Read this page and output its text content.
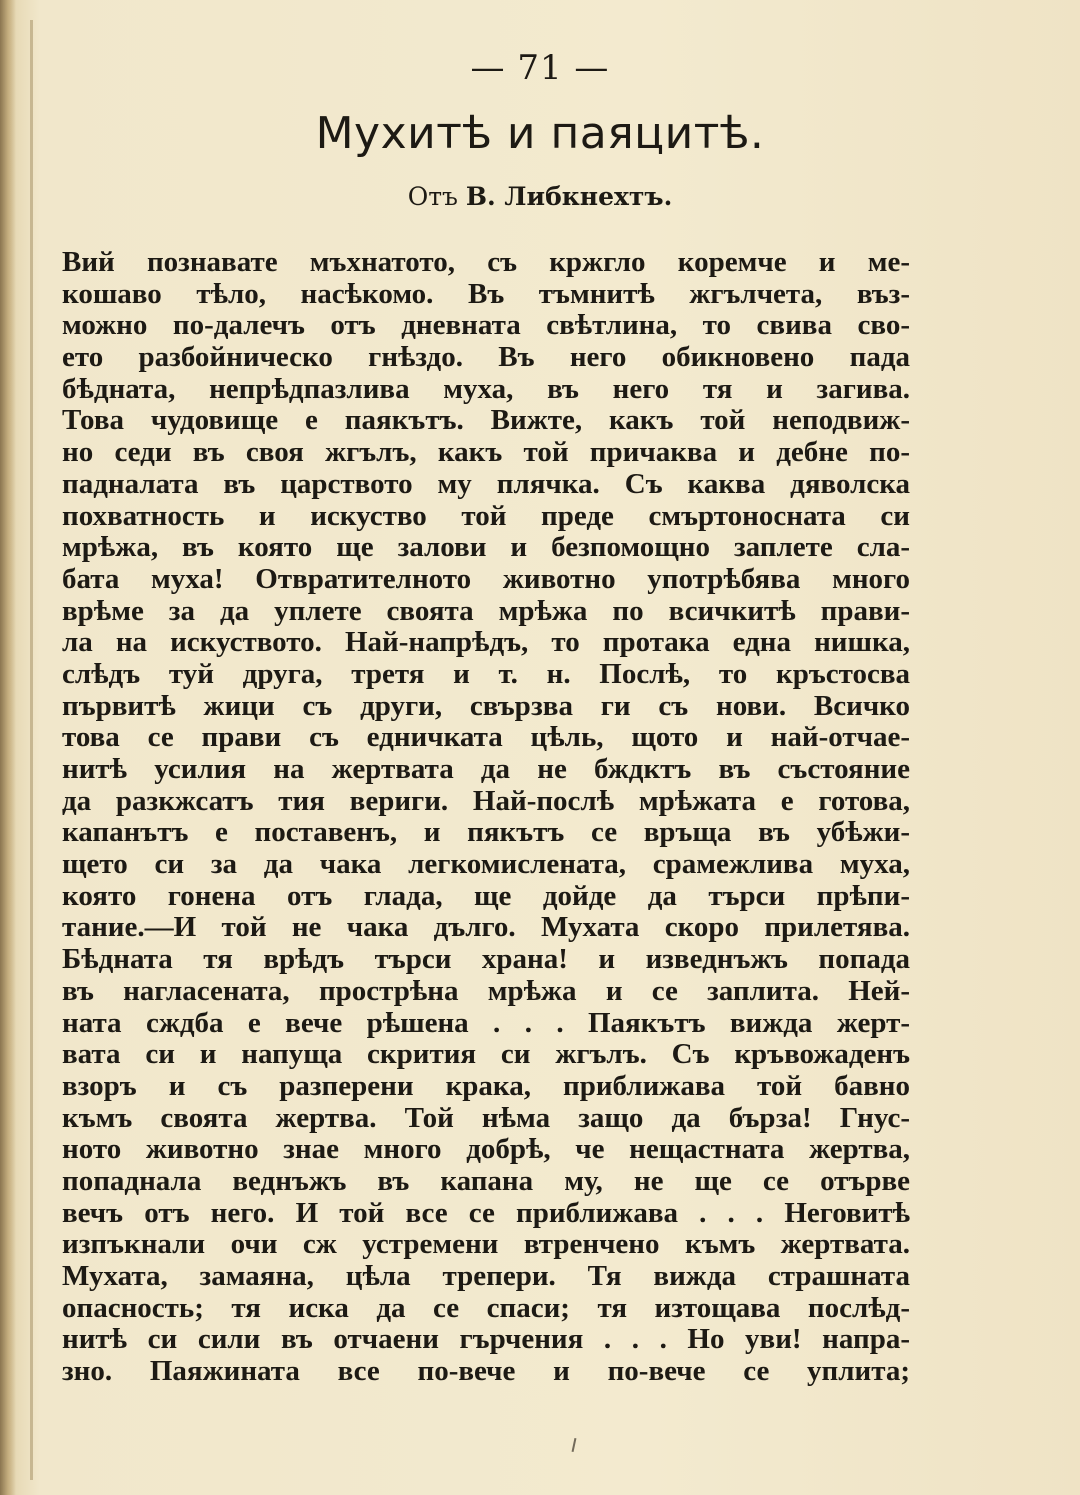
— 71 —
Мухитѣ и паяцитѣ.
Отъ В. Либкнехтъ.
Вий познавате мъхнатото, съ кржгло коремче и ме-
кошаво тѣло, насѣкомо. Въ тъмнитѣ жгълчета, въз-
можно по-далечъ отъ дневната свѣтлина, то свива сво-
ето разбойническо гнѣздо. Въ него обикновено пада
бѣдната, непрѣдпазлива муха, въ него тя и загива.
Това чудовище е паякътъ. Вижте, какъ той неподвиж-
но седи въ своя жгълъ, какъ той причаква и дебне по-
падналата въ царството му плячка. Съ каква дяволска
похватность и искуство той преде смъртоносната си
мрѣжа, въ която ще залови и безпомощно заплете сла-
бата муха! Отвратителното животно употрѣбява много
врѣме за да уплете своята мрѣжа по всичкитѣ прави-
ла на искуството. Най-напрѣдъ, то протака една нишка,
слѣдъ туй друга, третя и т. н. Послѣ, то кръстосва
първитѣ жици съ други, свързва ги съ нови. Всичко
това се прави съ едничката цѣль, щото и най-отчае-
нитѣ усилия на жертвата да не бждктъ въ състояние
да разкжсатъ тия вериги. Най-послѣ мрѣжата е готова,
капанътъ е поставенъ, и пякътъ се връща въ убѣжи-
щето си за да чака легкомислената, срамежлива муха,
която гонена отъ глада, ще дойде да търси прѣпи-
тание.—И той не чака дълго. Мухата скоро прилетява.
Бѣдната тя врѣдъ търси храна! и изведнъжъ попада
въ нагласената, прострѣна мрѣжа и се заплита. Ней-
ната сждба е вече рѣшена . . . Паякътъ вижда жерт-
вата си и напуща скрития си жгълъ. Съ кръвожаденъ
взоръ и съ разперени крака, приближава той бавно
къмъ своята жертва. Той нѣма защо да бърза! Гнус-
ното животно знае много добрѣ, че нещастната жертва,
попаднала веднъжъ въ капана му, не ще се отърве
вечъ отъ него. И той все се приближава . . . Неговитѣ
изпъкнали очи сж устремени втренчено къмъ жертвата.
Мухата, замаяна, цѣла трепери. Тя вижда страшната
опасность; тя иска да се спаси; тя изтощава послѣд-
нитѣ си сили въ отчаени гърчения . . . Но уви! напра-
зно. Паяжината все по-вече и по-вече се уплита;
